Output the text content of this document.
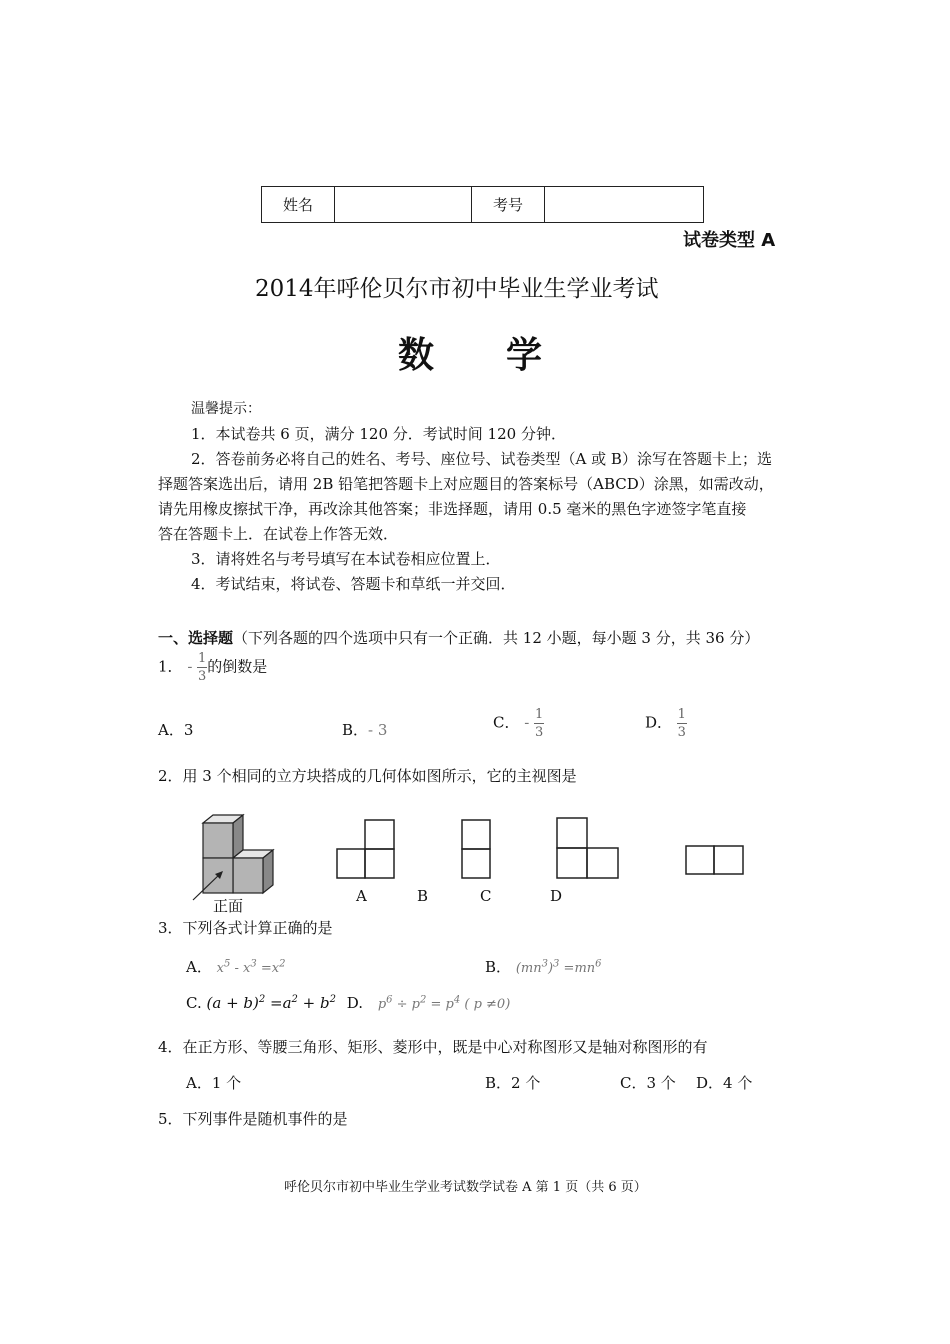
姓名		考号	
试卷类型 A
2014年呼伦贝尔市初中毕业生学业考试
数　　学
温馨提示：
1．本试卷共 6 页，满分 120 分．考试时间 120 分钟．
2．答卷前务必将自己的姓名、考号、座位号、试卷类型（A 或 B）涂写在答题卡上；选
择题答案选出后，请用 2B 铅笔把答题卡上对应题目的答案标号（ABCD）涂黑，如需改动，
请先用橡皮擦拭干净，再改涂其他答案；非选择题，请用 0.5 毫米的黑色字迹签字笔直接
答在答题卡上．在试卷上作答无效．
3．请将姓名与考号填写在本试卷相应位置上．
4．考试结束，将试卷、答题卡和草纸一并交回．
一、选择题（下列各题的四个选项中只有一个正确．共 12 小题，每小题 3 分，共 36 分）
1． - $\frac{1}{3}$ 的倒数是
A．3	B．- 3	C． - $\frac{1}{3}$	D． $\frac{1}{3}$
2．用 3 个相同的立方块搭成的几何体如图所示，它的主视图是
正面
A	B	C	D
3．下列各式计算正确的是
A． $x^5 - x^3 =x^2$	B． $(mn^3)^3 =mn^6$
C. $(a + b)^2 =a^2 + b^2$ D. $p^6 \div p^2 = p^4$ ( p ≠0)
4．在正方形、等腰三角形、矩形、菱形中，既是中心对称图形又是轴对称图形的有
A．1 个	B．2 个	C．3 个 D．4 个
5．下列事件是随机事件的是
呼伦贝尔市初中毕业生学业考试数学试卷 A 第 1 页（共 6 页）
